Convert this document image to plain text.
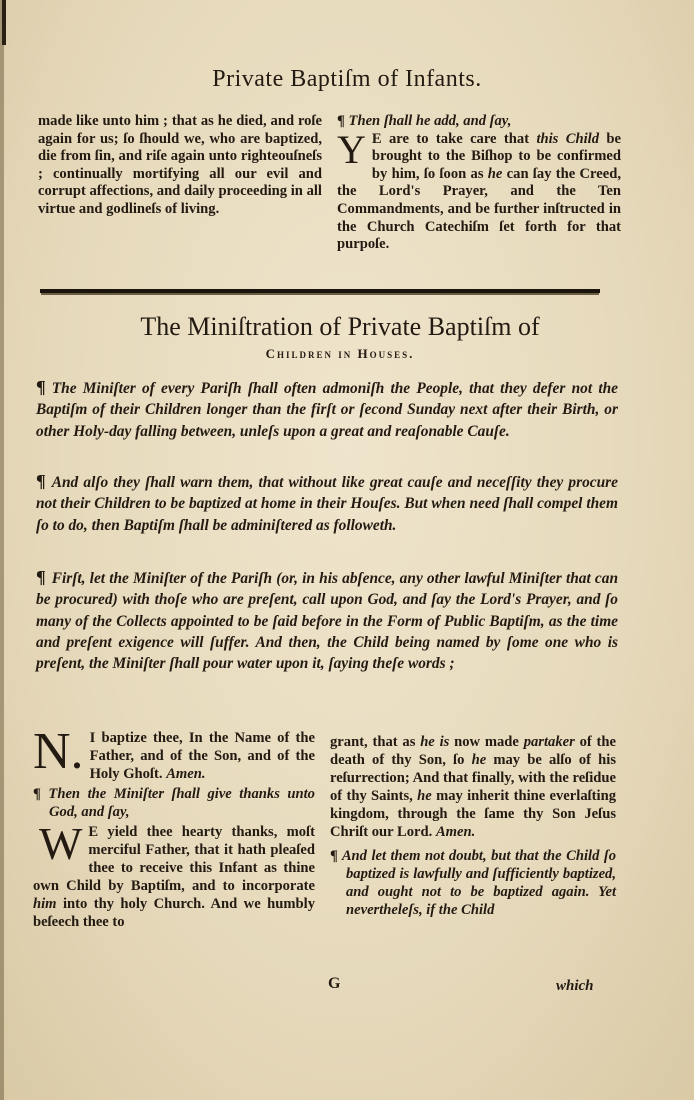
Private Baptiſm of Infants.

made like unto him ; that as he died, and roſe again for us; ſo ſhould we, who are baptized, die from ſin, and riſe again unto righteouſneſs ; continually mortifying all our evil and corrupt affections, and daily proceeding in all virtue and godlineſs of living.

¶ Then ſhall he add, and ſay,

Y E are to take care that this Child be brought to the Biſhop to be confirmed by him, ſo ſoon as he can ſay the Creed, the Lord's Prayer, and the Ten Commandments, and be further inſtructed in the Church Catechiſm ſet forth for that purpoſe.

The Miniſtration of Private Baptiſm of
Children in Houses.
¶ The Miniſter of every Pariſh ſhall often admoniſh the People, that they defer not the Baptiſm of their Children longer than the firſt or ſecond Sunday next after their Birth, or other Holy-day falling between, unleſs upon a great and reaſonable Cauſe.
¶ And alſo they ſhall warn them, that without like great cauſe and neceſſity they procure not their Children to be baptized at home in their Houſes. But when need ſhall compel them ſo to do, then Baptiſm ſhall be adminiſtered as followeth.
¶ Firſt, let the Miniſter of the Pariſh (or, in his abſence, any other lawful Miniſter that can be procured) with thoſe who are preſent, call upon God, and ſay the Lord's Prayer, and ſo many of the Collects appointed to be ſaid before in the Form of Public Baptiſm, as the time and preſent exigence will ſuffer. And then, the Child being named by ſome one who is preſent, the Miniſter ſhall pour water upon it, ſaying theſe words ;

N. I baptize thee, In the Name of the Father, and of the Son, and of the Holy Ghoſt. Amen.

¶ Then the Miniſter ſhall give thanks unto God, and ſay,

W E yield thee hearty thanks, moſt merciful Father, that it hath pleaſed thee to receive this Infant as thine own Child by Baptiſm, and to incorporate him into thy holy Church. And we humbly beſeech thee to

grant, that as he is now made partaker of the death of thy Son, ſo he may be alſo of his reſurrection; And that finally, with the reſidue of thy Saints, he may inherit thine everlaſting kingdom, through the ſame thy Son Jeſus Chriſt our Lord. Amen.

¶ And let them not doubt, but that the Child ſo baptized is lawfully and ſufficiently baptized, and ought not to be baptized again. Yet nevertheleſs, if the Child

G	which
